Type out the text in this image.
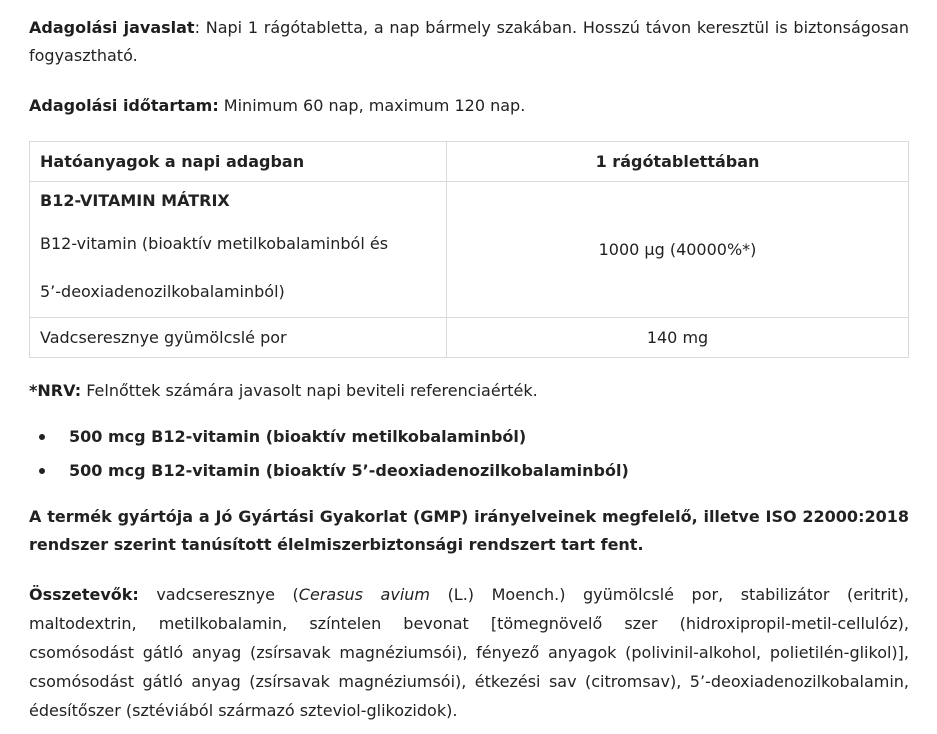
Adagolási javaslat: Napi 1 rágótabletta, a nap bármely szakában. Hosszú távon keresztül is biztonságosan fogyasztható.

Adagolási időtartam: Minimum 60 nap, maximum 120 nap.

Hatóanyagok a napi adagban	1 rágótablettában

B12-VITAMIN MÁTRIX
B12-vitamin (bioaktív metilkobalaminból és
5’-deoxiadenozilkobalaminból)	1000 µg (40000%*)
Vadcseresznye gyümölcslé por	140 mg

*NRV: Felnőttek számára javasolt napi beviteli referenciaérték.

500 mcg B12-vitamin (bioaktív metilkobalaminból)
500 mcg B12-vitamin (bioaktív 5’-deoxiadenozilkobalaminból)

A termék gyártója a Jó Gyártási Gyakorlat (GMP) irányelveinek megfelelő, illetve ISO 22000:2018 rendszer szerint tanúsított élelmiszerbiztonsági rendszert tart fent.

Összetevők: vadcseresznye (Cerasus avium (L.) Moench.) gyümölcslé por, stabilizátor (eritrit), maltodextrin, metilkobalamin, színtelen bevonat [tömegnövelő szer (hidroxipropil-metil-cellulóz), csomósodást gátló anyag (zsírsavak magnéziumsói), fényező anyagok (polivinil-alkohol, polietilén-glikol)], csomósodást gátló anyag (zsírsavak magnéziumsói), étkezési sav (citromsav), 5’-deoxiadenozilkobalamin, édesítőszer (sztéviából származó szteviol-glikozidok).
